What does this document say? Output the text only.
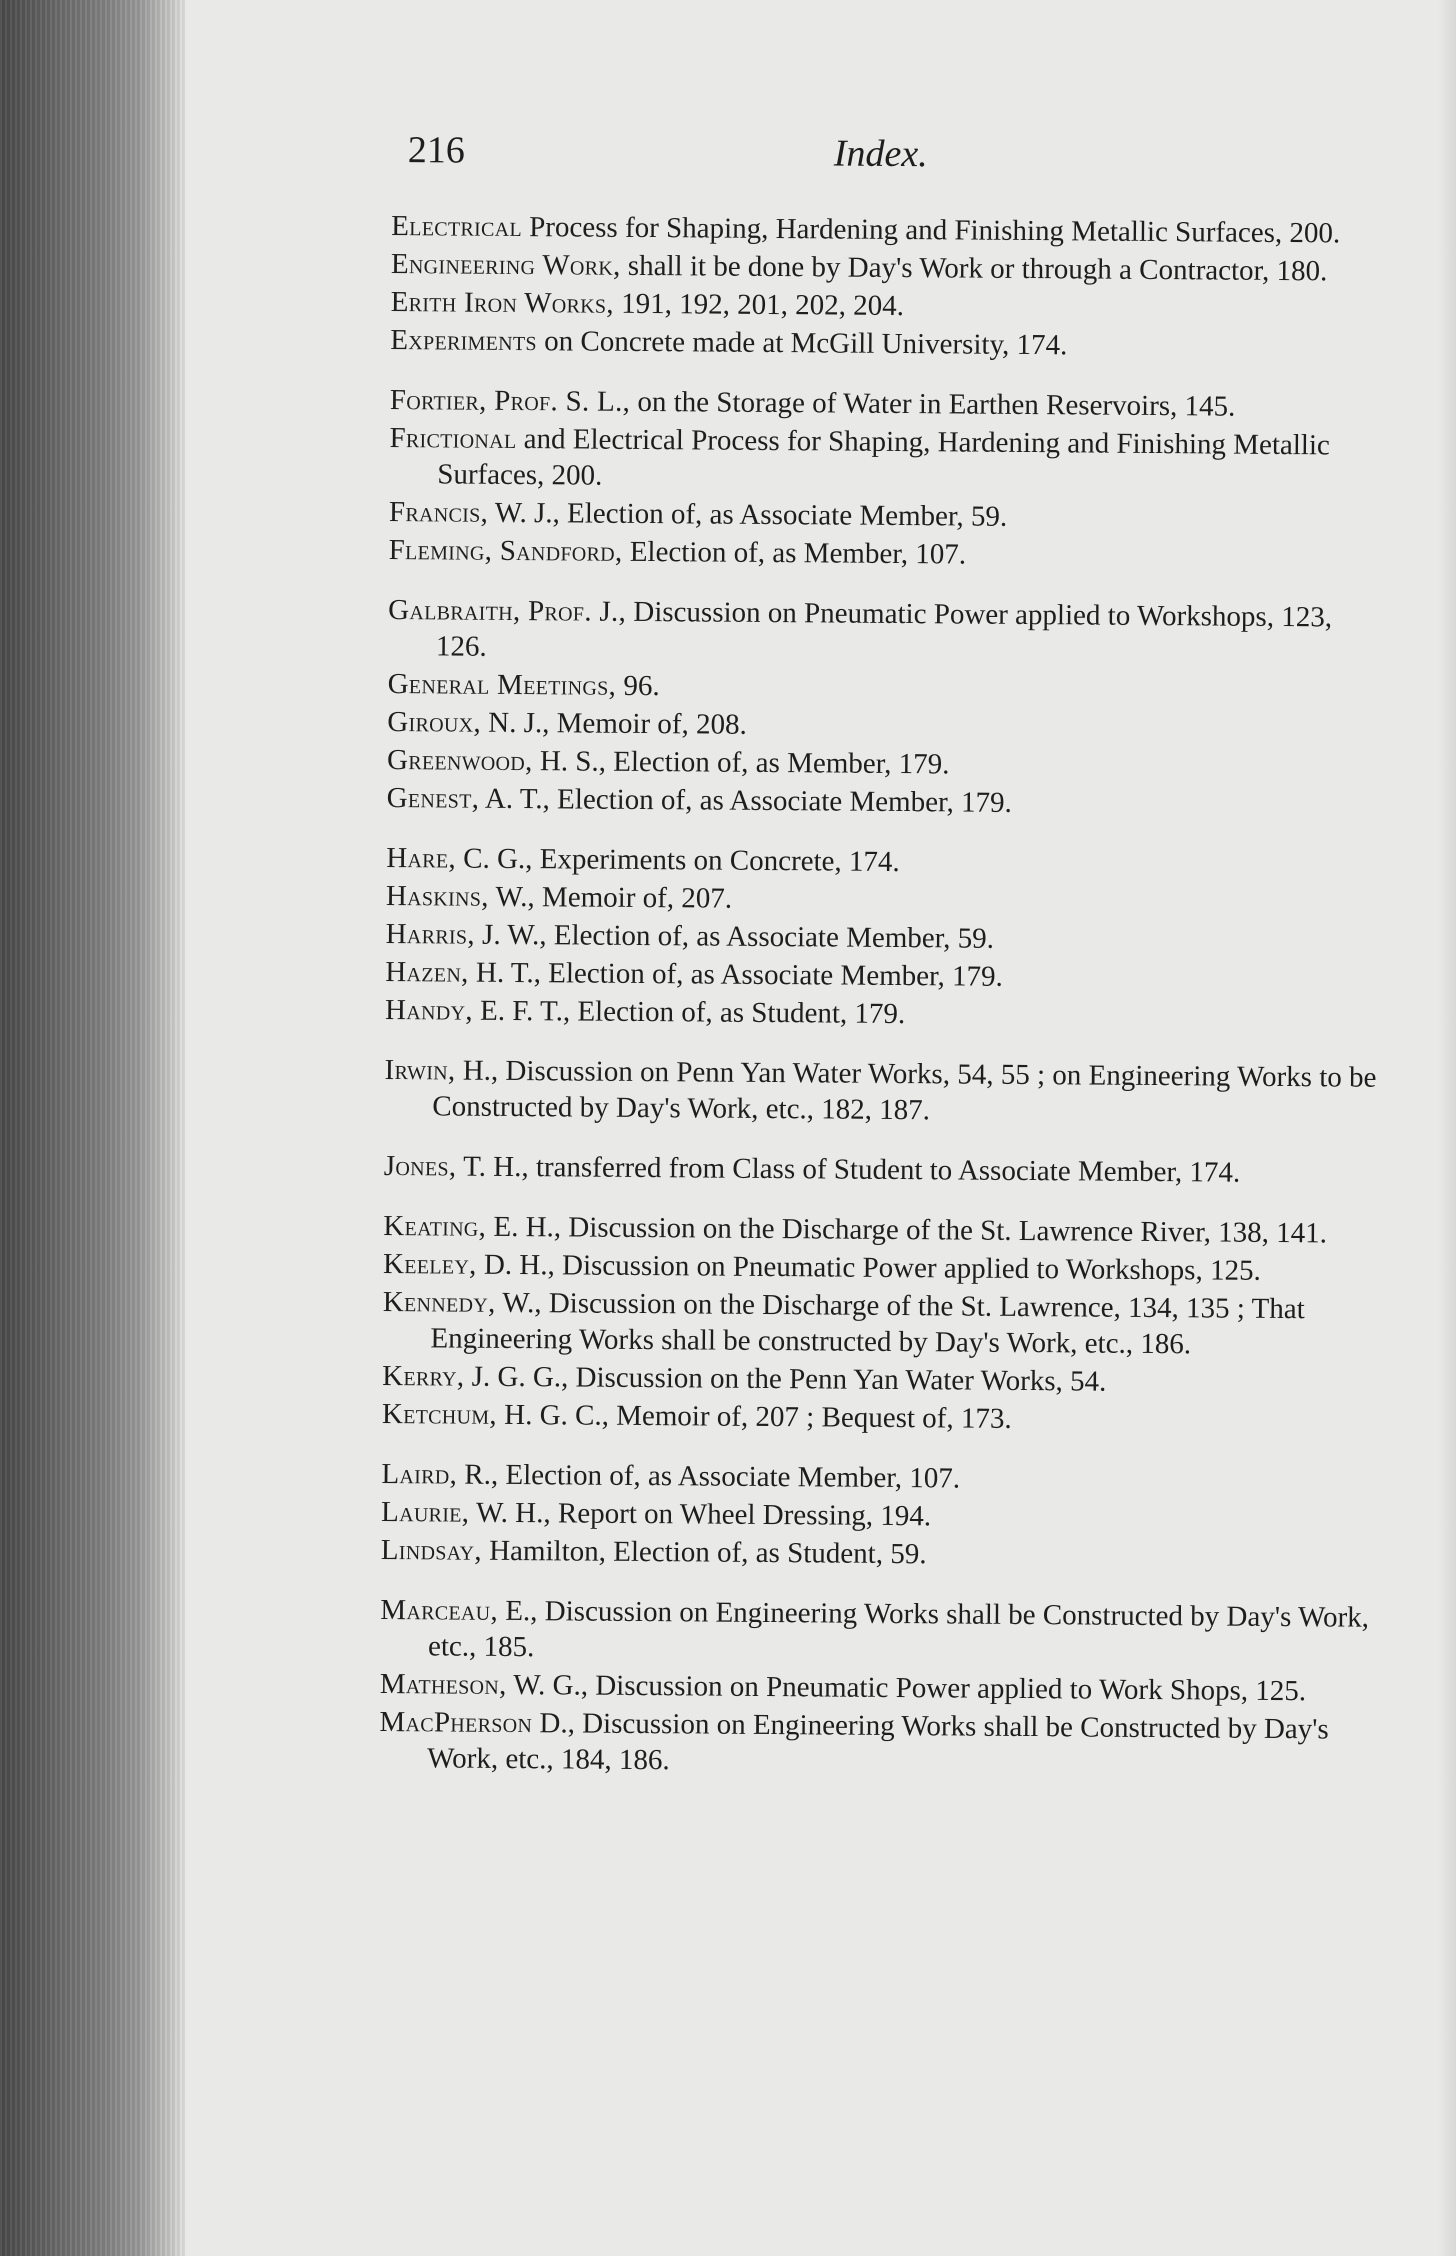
216	Index.
Electrical Process for Shaping, Hardening and Finishing Metallic Surfaces, 200.
Engineering Work, shall it be done by Day's Work or through a Contractor, 180.
Erith Iron Works, 191, 192, 201, 202, 204.
Experiments on Concrete made at McGill University, 174.
Fortier, Prof. S. L., on the Storage of Water in Earthen Reservoirs, 145.
Frictional and Electrical Process for Shaping, Hardening and Finishing Metallic Surfaces, 200.
Francis, W. J., Election of, as Associate Member, 59.
Fleming, Sandford, Election of, as Member, 107.
Galbraith, Prof. J., Discussion on Pneumatic Power applied to Workshops, 123, 126.
General Meetings, 96.
Giroux, N. J., Memoir of, 208.
Greenwood, H. S., Election of, as Member, 179.
Genest, A. T., Election of, as Associate Member, 179.
Hare, C. G., Experiments on Concrete, 174.
Haskins, W., Memoir of, 207.
Harris, J. W., Election of, as Associate Member, 59.
Hazen, H. T., Election of, as Associate Member, 179.
Handy, E. F. T., Election of, as Student, 179.
Irwin, H., Discussion on Penn Yan Water Works, 54, 55 ; on Engineering Works to be Constructed by Day's Work, etc., 182, 187.
Jones, T. H., transferred from Class of Student to Associate Member, 174.
Keating, E. H., Discussion on the Discharge of the St. Lawrence River, 138, 141.
Keeley, D. H., Discussion on Pneumatic Power applied to Workshops, 125.
Kennedy, W., Discussion on the Discharge of the St. Lawrence, 134, 135 ; That Engineering Works shall be constructed by Day's Work, etc., 186.
Kerry, J. G. G., Discussion on the Penn Yan Water Works, 54.
Ketchum, H. G. C., Memoir of, 207 ; Bequest of, 173.
Laird, R., Election of, as Associate Member, 107.
Laurie, W. H., Report on Wheel Dressing, 194.
Lindsay, Hamilton, Election of, as Student, 59.
Marceau, E., Discussion on Engineering Works shall be Constructed by Day's Work, etc., 185.
Matheson, W. G., Discussion on Pneumatic Power applied to Work Shops, 125.
MacPherson D., Discussion on Engineering Works shall be Constructed by Day's Work, etc., 184, 186.
